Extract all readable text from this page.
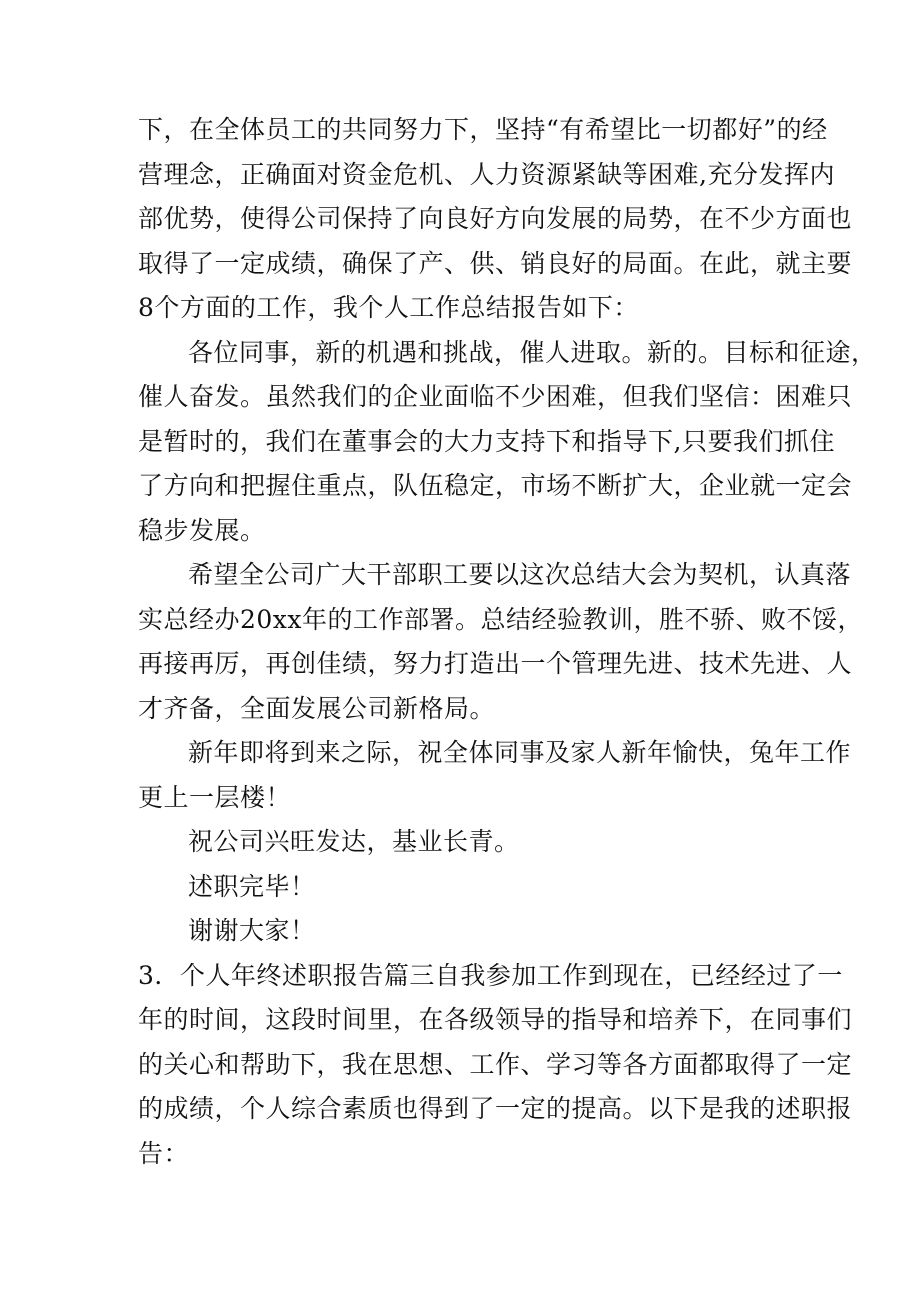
下，在全体员工的共同努力下，坚持“有希望比一切都好”的经
营理念，正确面对资金危机、人力资源紧缺等困难,充分发挥内
部优势，使得公司保持了向良好方向发展的局势，在不少方面也
取得了一定成绩，确保了产、供、销良好的局面。在此，就主要
8个方面的工作，我个人工作总结报告如下：
各位同事，新的机遇和挑战，催人进取。新的。目标和征途，
催人奋发。虽然我们的企业面临不少困难，但我们坚信：困难只
是暂时的，我们在董事会的大力支持下和指导下,只要我们抓住
了方向和把握住重点，队伍稳定，市场不断扩大，企业就一定会
稳步发展。
希望全公司广大干部职工要以这次总结大会为契机，认真落
实总经办20xx年的工作部署。总结经验教训，胜不骄、败不馁，
再接再厉，再创佳绩，努力打造出一个管理先进、技术先进、人
才齐备，全面发展公司新格局。
新年即将到来之际，祝全体同事及家人新年愉快，兔年工作
更上一层楼！
祝公司兴旺发达，基业长青。
述职完毕！
谢谢大家！
3．个人年终述职报告篇三自我参加工作到现在，已经经过了一
年的时间，这段时间里，在各级领导的指导和培养下，在同事们
的关心和帮助下，我在思想、工作、学习等各方面都取得了一定
的成绩，个人综合素质也得到了一定的提高。以下是我的述职报
告：
